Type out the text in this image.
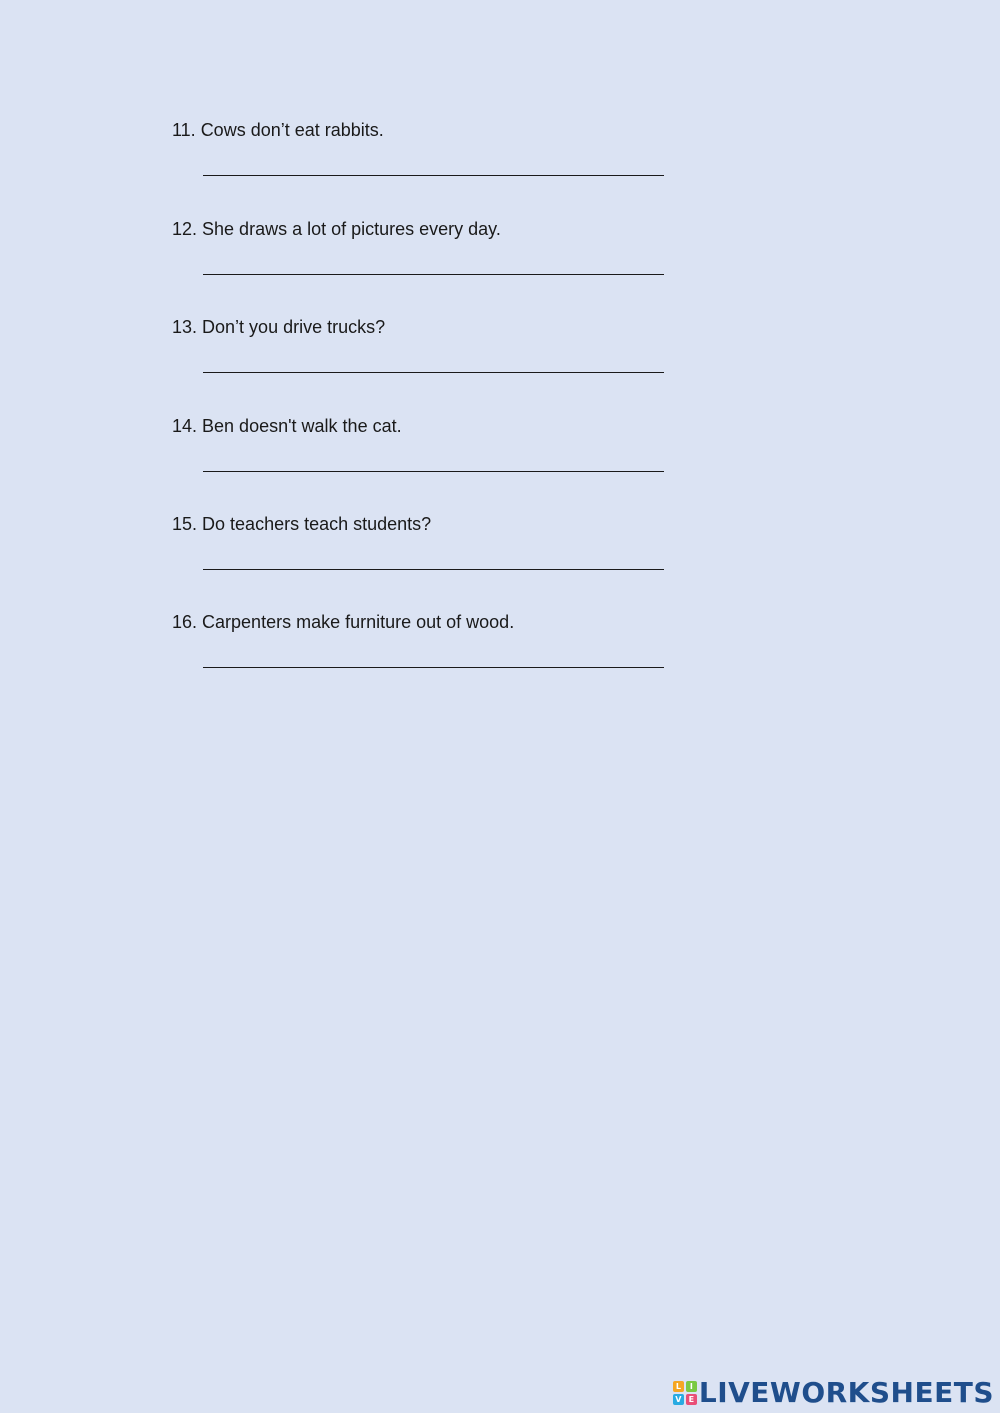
11. Cows don’t eat rabbits.
12. She draws a lot of pictures every day.
13. Don’t you drive trucks?
14. Ben doesn't walk the cat.
15. Do teachers teach students?
16. Carpenters make furniture out of wood.
L	I
V E LIVEWORKSHEETS
